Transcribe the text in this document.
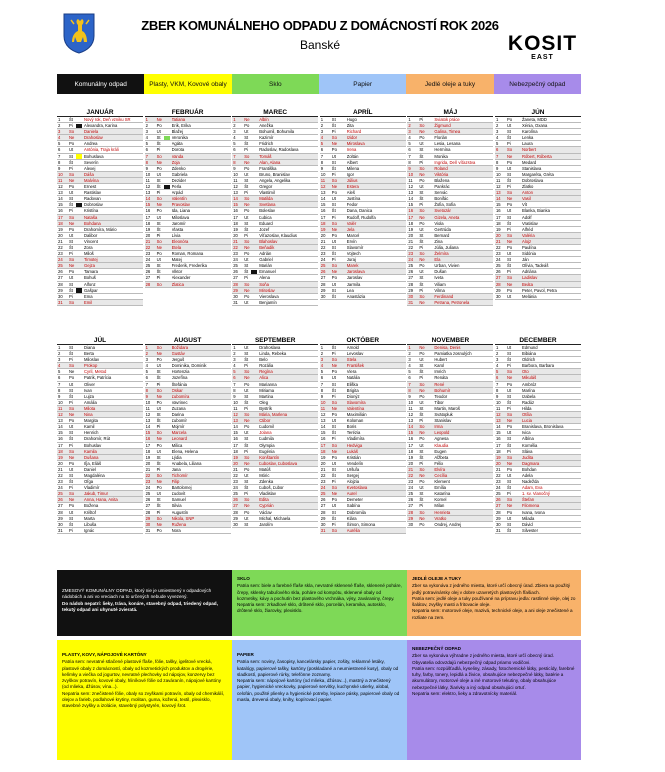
ZBER KOMUNÁLNEHO ODPADU Z DOMÁCNOSTÍ ROK 2026
Banské	KOSIT
EAST
Komunálny odpad	Plasty, VKM, Kovové obaly	Sklo	Papier	Jedlé oleje a tuky	Nebezpečný odpad
JANUÁR
1	Št	Nový rok, Deň vzniku SR
2	Pi	Alexandra, Karina
3	So	Daniela
4	Ne	Drahoslav
5	Po	Andrea
6	Ut	Antónia, Traja králi
7	St	Bohuslava
8	Št	Severín
9	Pi	Alexej
10	So	Dáša
11	Ne	Malvína
12	Po	Ernest
13	Ut	Rastislav
14	St	Radovan
15	Št	Dobroslav
16	Pi	Kristína
17	So	Nataša
18	Ne	Bohdana
19	Po	Drahomíra, Mário
20	Ut	Dalibor
21	St	Vincent
22	Št	Zora
23	Pi	Miloš
24	So	Timotej
25	Ne	Gejza
26	Po	Tamara
27	Ut	Bohuš
28	St	Alfonz
29	Št	Gašpar
30	Pi	Ema
31	So	Emil
FEBRUÁR
1	Ne	Tatiana
2	Po	Erik, Erika
3	Ut	Blažej
4	St	Veronika
5	Št	Agáta
6	Pi	Dorota
7	So	Vanda
8	Ne	Zoja
9	Po	Zdenko
10	Ut	Gabriela
11	St	Dezider
12	Št	Perla
13	Pi	Arpád
14	So	Valentín
15	Ne	Pravoslav
16	Po	Ida, Liana
17	Ut	Miloslava
18	St	Jaromír
19	Št	Vlasta
20	Pi	Lívia
21	So	Eleonóra
22	Ne	Etela
23	Po	Roman, Romana
24	Ut	Matej
25	St	Frederik, Frederika
26	Št	Viktor
27	Pi	Alexander
28	So	Zlatica
MAREC
1	Ne	Albín
2	Po	Anežka
3	Ut	Bohumil, Bohumila
4	St	Kazimír
5	Št	Fridrich
6	Pi	Radoslav, Radoslava
7	So	Tomáš
8	Ne	Alan, Alana
9	Po	Františka
10	Ut	Bruno, Branislav
11	St	Angela, Angelika
12	Št	Gregor
13	Pi	Vlastimil
14	So	Matilda
15	Ne	Svetlana
16	Po	Boleslav
17	Ut	Ľubica
18	St	Eduard
19	Št	Jozef
20	Pi	Víťazoslav, Klaudius
21	So	Blahoslav
22	Ne	Beňadik
23	Po	Adrián
24	Ut	Gabriel
25	St	Marián
26	Št	Emanuel
27	Pi	Alena
28	So	Soňa
29	Ne	Miroslav
30	Po	Vieroslava
31	Ut	Benjamín
APRÍL
1	St	Hugo
2	Št	Zita
3	Pi	Richard
4	So	Izidor
5	Ne	Miroslava
6	Po	Irena
7	Ut	Zoltán
8	St	Albert
9	Št	Milena
10	Pi	Igor
11	So	Július
12	Ne	Estera
13	Po	Aleš
14	Ut	Justína
15	St	Fedor
16	Št	Dana, Danica
17	Pi	Rudolf, Rudolfa
18	So	Valér
19	Ne	Jela
20	Po	Marcel
21	Ut	Ervín
22	St	Slavomír
23	Št	Vojtech
24	Pi	Juraj
25	So	Marek
26	Ne	Jaroslava
27	Po	Jaroslav
28	Ut	Jarmila
29	St	Lea
30	Št	Anastázia
MÁJ
1	Pi	Sviatok práce
2	So	Žigmund
3	Ne	Galina, Timea
4	Po	Florián
5	Ut	Lesia, Lesana
6	St	Hermína
7	Št	Monika
8	Pi	Ingrida, Deň víťazstva
9	So	Roland
10	Ne	Viktória
11	Po	Blažena
12	Ut	Pankrác
13	St	Servác
14	Št	Bonifác
15	Pi	Žofia, Sofia
16	So	Svetozár
17	Ne	Gizela, Aneta
18	Po	Viola
19	Ut	Gertrúda
20	St	Bernard
21	Št	Zina
22	Pi	Júlia, Juliana
23	So	Želmíra
24	Ne	Ela
25	Po	Urban, Vivien
26	Ut	Dušan
27	St	Iveta
28	Št	Viliam
29	Pi	Vilma
30	So	Ferdinand
31	Ne	Petrana, Petronela
JÚN
1	Po	Žaneta, MDD
2	Ut	Xénia, Oxana
3	St	Karolína
4	Št	Lenka
5	Pi	Laura
6	So	Norbert
7	Ne	Róbert, Róberta
8	Po	Medard
9	Ut	Stanislava
10	St	Margaréta, Gréta
11	Št	Dobroslava
12	Pi	Zlatko
13	So	Anton
14	Ne	Vasil
15	Po	Vít
16	Ut	Blanka, Bianka
17	St	Adolf
18	Št	Vratislav
19	Pi	Alfréd
20	So	Valéria
21	Ne	Alojz
22	Po	Paulína
23	Ut	Sidónia
24	St	Ján
25	Št	Olívia, Tadeáš
26	Pi	Adriána
27	So	Ladislav
28	Ne	Beáta
29	Po	Peter, Pavol, Petra
30	Ut	Melánia
JÚL
1	St	Diana
2	Št	Berta
3	Pi	Miloslav
4	So	Prokop
5	Ne	Cyril, Metod
6	Po	Patrik, Patrícia
7	Ut	Oliver
8	St	Ivan
9	Št	Lujza
10	Pi	Amália
11	So	Milota
12	Ne	Nina
13	Po	Margita
14	Ut	Kamil
15	St	Henrich
16	Št	Drahomír, Rút
17	Pi	Bohuslav
18	So	Kamila
19	Ne	Dušana
20	Po	Iľja, Eliáš
21	Ut	Daniel
22	St	Magdaléna
23	Št	Oľga
24	Pi	Vladimír
25	So	Jakub, Timur
26	Ne	Anna, Hana, Anita
27	Po	Božena
28	Ut	Krištof
29	St	Marta
30	Št	Libuša
31	Pi	Ignác
AUGUST
1	So	Božidara
2	Ne	Gustáv
3	Po	Jerguš
4	Ut	Dominika, Dominik
5	St	Hortenzia
6	Št	Jozefína
7	Pi	Štefánia
8	So	Oskar
9	Ne	Ľubomíra
10	Po	Vavrinec
11	Ut	Zuzana
12	St	Darina
13	Št	Ľubomír
14	Pi	Mojmír
15	So	Marcela
16	Ne	Leonard
17	Po	Milica
18	Ut	Elena, Helena
19	St	Lýdia
20	Št	Anabela, Liliana
21	Pi	Jana
22	So	Tichomír
23	Ne	Filip
24	Po	Bartolomej
25	Ut	Ľudovít
26	St	Samuel
27	Št	Silvia
28	Pi	Augustín
29	So	Nikola, SNP
30	Ne	Ružena
31	Po	Nora
SEPTEMBER
1	Ut	Drahoslava
2	St	Linda, Rebeka
3	Št	Belo
4	Pi	Rozália
5	So	Regína
6	Ne	Alica
7	Po	Marianna
8	Ut	Miriama
9	St	Martina
10	Št	Oleg
11	Pi	Bystrík
12	So	Mária, Marlena
13	Ne	Ctibor
14	Po	Ľudomil
15	Ut	Jolana
16	St	Ľudmila
17	Št	Olympia
18	Pi	Eugénia
19	So	Konštantín
20	Ne	Ľuboslav, Ľuboslava
21	Po	Matúš
22	Ut	Móric
23	St	Zdenka
24	Št	Ľuboš, Ľubor
25	Pi	Vladislav
26	So	Edita
27	Ne	Cyprián
28	Po	Václav
29	Ut	Michal, Michaela
30	St	Jarolím
OKTÓBER
1	Št	Arnold
2	Pi	Levoslav
3	So	Stela
4	Ne	František
5	Po	Viera
6	Ut	Natália
7	St	Eliška
8	Št	Brigita
9	Pi	Dionýz
10	So	Slavomíra
11	Ne	Valentína
12	Po	Maximilián
13	Ut	Koloman
14	St	Boris
15	Št	Terézia
16	Pi	Vladimíra
17	So	Hedviga
18	Ne	Lukáš
19	Po	Kristián
20	Ut	Vendelín
21	St	Uršuľa
22	Št	Sergej
23	Pi	Alojzia
24	So	Kvetoslava
25	Ne	Aurel
26	Po	Demeter
27	Ut	Sabína
28	St	Dobromila
29	Št	Klára
30	Pi	Šimon, Simona
31	So	Aurélia
NOVEMBER
1	Ne	Denisa, Denis
2	Po	Pamiatka zosnulých
3	Ut	Hubert
4	St	Karol
5	Št	Imrich
6	Pi	Renáta
7	So	René
8	Ne	Bohumír
9	Po	Teodor
10	Ut	Tibor
11	St	Martin, Maroš
12	Št	Svätopluk
13	Pi	Stanislav
14	So	Irma
15	Ne	Leopold
16	Po	Agnesa
17	Ut	Klaudia
18	St	Eugen
19	Št	Alžbeta
20	Pi	Félix
21	So	Elvíra
22	Ne	Cecília
23	Po	Klement
24	Ut	Emília
25	St	Katarína
26	Št	Kornel
27	Pi	Milan
28	So	Henrieta
29	Ne	Vratko
30	Po	Ondrej, Andrej
DECEMBER
1	Ut	Edmund
2	St	Bibiána
3	Št	Oldrich
4	Pi	Barbora, Barbara
5	So	Oto
6	Ne	Mikuláš
7	Po	Ambróz
8	Ut	Marína
9	St	Izabela
10	Št	Radúz
11	Pi	Hilda
12	So	Otília
13	Ne	Lucia
14	Po	Branislava, Bronislava
15	Ut	Ivica
16	St	Albína
17	Št	Kornélia
18	Pi	Sláva
19	So	Judita
20	Ne	Dagmara
21	Po	Bohdan
22	Ut	Adela
23	St	Nadežda
24	Št	Adam, Eva
25	Pi	1. sv. Vianočný
26	So	Štefan
27	Ne	Filomena
28	Po	Ivana, Ivona
29	Ut	Milada
30	St	Dávid
31	Št	Silvester
ZMESOVÝ KOMUNÁLNY ODPAD, ktorý nie je umiestnený v odpadových nádobách a ani vo vreciach na to určených nebude vyvezený.
Do nádob nepatrí: lieky, tráva, konáre, stavebný odpad, triedený odpad, tekutý odpad ani uhynuté zvieratá.
SKLO
Patria sem: biele a farebné fľaše skla, nevratné sklenené fľaše, sklenené poháre, črepy, sklenky tabuľového skla, poháre od kompótu, sklenené obaly od kozmetiky, kávy a pochutín bez plastového vrchnáka, výsy, zaváraniny, črepy.
Nepatria sem: zrkadlové sklo, drôtené sklo, porcelán, keramika, autosklo, drôtené sklo, žiarovky, plexisklo.
JEDLÉ OLEJE A TUKY
Zber sa vykonáva z jedného miesta, ktoré určí obecný úrad. Zbiera sa použitý jedlý potravinársky olej v dobre uzavretých plastových fľašiach.
Patria sem: jedlé oleje a tuky používané na prípravu jedla: rastlinné oleje, olej zo šalátov, zvyšky masti a fritovacie oleje.
Nepatria sem: motorové oleje, mazivá, technické oleje, a ani oleje znečistené a rozliate na zem.
PLASTY, KOVY, NÁPOJOVÉ KARTÓNY
Patria sem: nevratné stlačené plastové fľaše, fólie, tašky, igelitové vrecká, plastové obaly z domácností, obaly od kozmetických produktov a drogérie, kelímky a viečka od jogurtov, nevratné plechovky od nápojov, konzervy bez zvyškov potravín, kovové obaly, hliníkové fólie od zaváranín, nápojové kartóny (od mlieka, džúsov, vína...).
Nepatria sem: znečistené fólie, obaly so zvyškami potravín, obaly od chemikálií, olejov a farieb, podlahové krytiny, molitan, guma, kožená, textil, plexisklo, stavebné zvyšky a izolácie, stavebný polystyrén, kovový šrot.
PAPIER
Patria sem: noviny, časopisy, kancelársky papier, zošity, reklamné letáky, katalógy, papierové tašky, kartóny (poskladané a neumiestnené kusy), obaly od sladkostí, papierové rúrky, telefónne zoznamy.
Nepatria sem: nápojové kartóny (od mlieka, džúsov...), mastný a znečistený papier, hygienické vreckovky, papierové servítky, kuchynské utierky, alobal, celofán, použité plienky a hygienické potreby, lepiace pásky, papierové obaly od masla, drevená obaly, knihy, kopírovací papier.
NEBEZPEČNÝ ODPAD
Zber sa vykonáva výhradne z jedného miesta, ktoré určí obecný úrad. Obyvatelia odovzdajú nebezpečný odpad priamo vodičovi.
Patria sem: rozpúšťadlá, kyseliny, zásady, fotochemické látky, pesticídy, farebné tuhy, farby, tonery, lepidlá a živice, obsahujúce nebezpečné látky, batérie a akumulátory, motorové oleje a iné motorové tekutiny, obaly obsahujúce nebezpečné látky, žiarivky a iný odpad obsahujúci ortuť.
Nepatria sem: elektro, lieky a zdravotnícky materiál.
